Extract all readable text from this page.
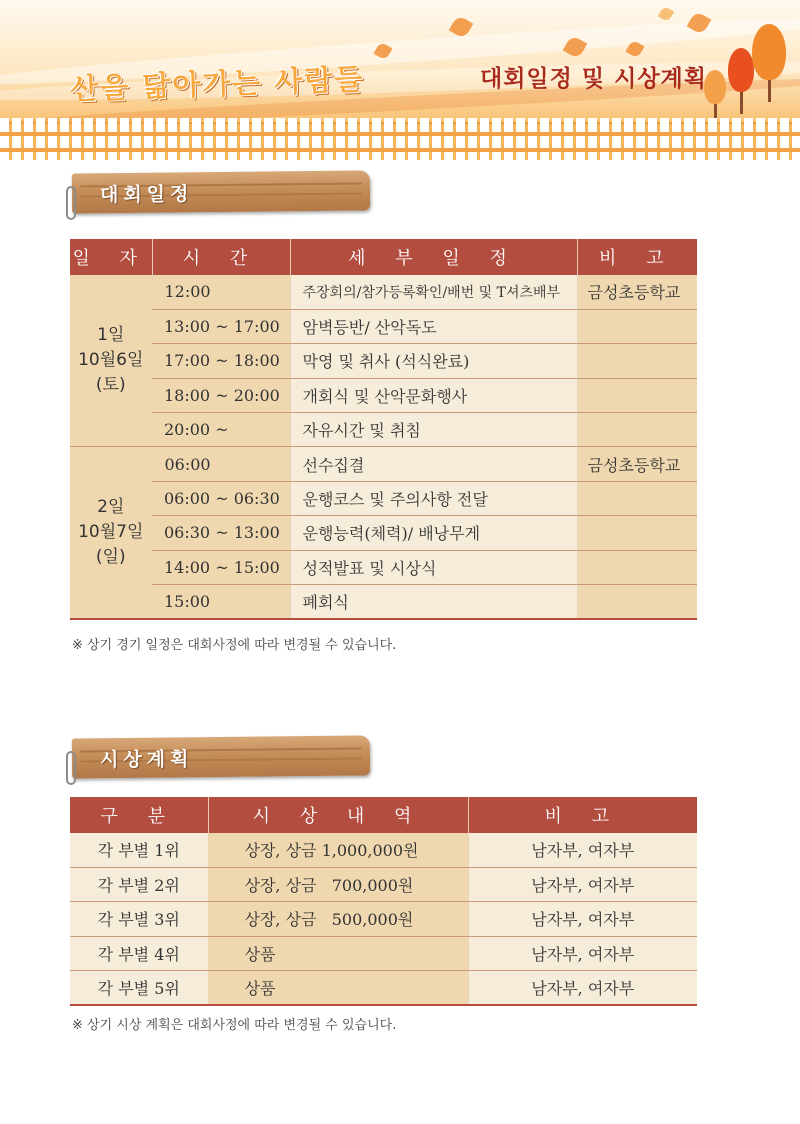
산을 닮아가는 사람들	대회일정 및 시상계획
대회일정
일 자	시 간	세 부 일 정	비 고

1일
10월6일
(토)	12:00	주장회의/참가등록확인/배번 및 T셔츠배부	금성초등학교
	13:00 ~ 17:00	암벽등반/ 산악독도	
	17:00 ~ 18:00	막영 및 취사 (석식완료)	
	18:00 ~ 20:00	개회식 및 산악문화행사	
	20:00 ~	자유시간 및 취침	

2일
10월7일
(일)	06:00	선수집결	금성초등학교
	06:00 ~ 06:30	운행코스 및 주의사항 전달	
	06:30 ~ 13:00	운행능력(체력)/ 배낭무게	
	14:00 ~ 15:00	성적발표 및 시상식	
	15:00	폐회식	
※ 상기 경기 일정은 대회사정에 따라 변경될 수 있습니다.
시상계획
구 분	시 상 내 역	비 고
각 부별 1위	상장, 상금 1,000,000원	남자부, 여자부
각 부별 2위	상장, 상금   700,000원	남자부, 여자부
각 부별 3위	상장, 상금   500,000원	남자부, 여자부
각 부별 4위	상품	남자부, 여자부
각 부별 5위	상품	남자부, 여자부
※ 상기 시상 계획은 대회사정에 따라 변경될 수 있습니다.
